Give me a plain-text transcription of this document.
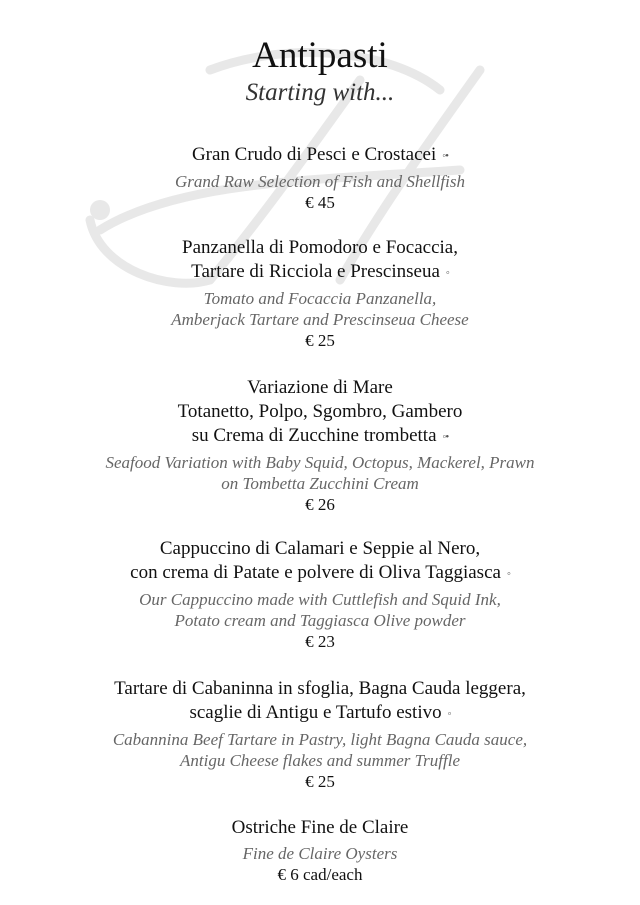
Antipasti
Starting with...
Gran Crudo di Pesci e Crostacei ◦•
Grand Raw Selection of Fish and Shellfish
€ 45
Panzanella di Pomodoro e Focaccia,
Tartare di Ricciola e Prescinseua ◦
Tomato and Focaccia Panzanella,
Amberjack Tartare and Prescinseua Cheese
€ 25
Variazione di Mare
Totanetto, Polpo, Sgombro, Gambero
su Crema di Zucchine trombetta ◦•
Seafood Variation with Baby Squid, Octopus, Mackerel, Prawn
on Tombetta Zucchini Cream
€ 26
Cappuccino di Calamari e Seppie al Nero,
con crema di Patate e polvere di Oliva Taggiasca ◦
Our Cappuccino made with Cuttlefish and Squid Ink,
Potato cream and Taggiasca Olive powder
€ 23
Tartare di Cabaninna in sfoglia, Bagna Cauda leggera,
scaglie di Antigu e Tartufo estivo ◦
Cabannina Beef Tartare in Pastry, light Bagna Cauda sauce,
Antigu Cheese flakes and summer Truffle
€ 25
Ostriche Fine de Claire
Fine de Claire Oysters
€ 6 cad/each
